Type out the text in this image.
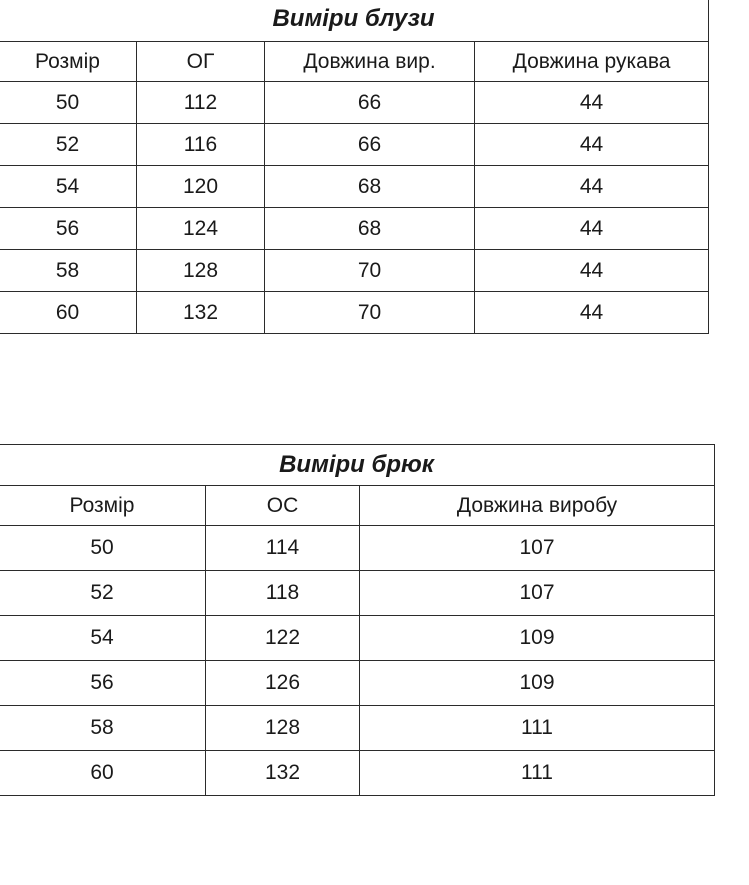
Виміри блузи			
Розмір	ОГ	Довжина вир.	Довжина рукава
50	112	66	44
52	116	66	44
54	120	68	44
56	124	68	44
58	128	70	44
60	132	70	44
Виміри брюк		
Розмір	ОС	Довжина виробу
50	114	107
52	118	107
54	122	109
56	126	109
58	128	111
60	132	111
